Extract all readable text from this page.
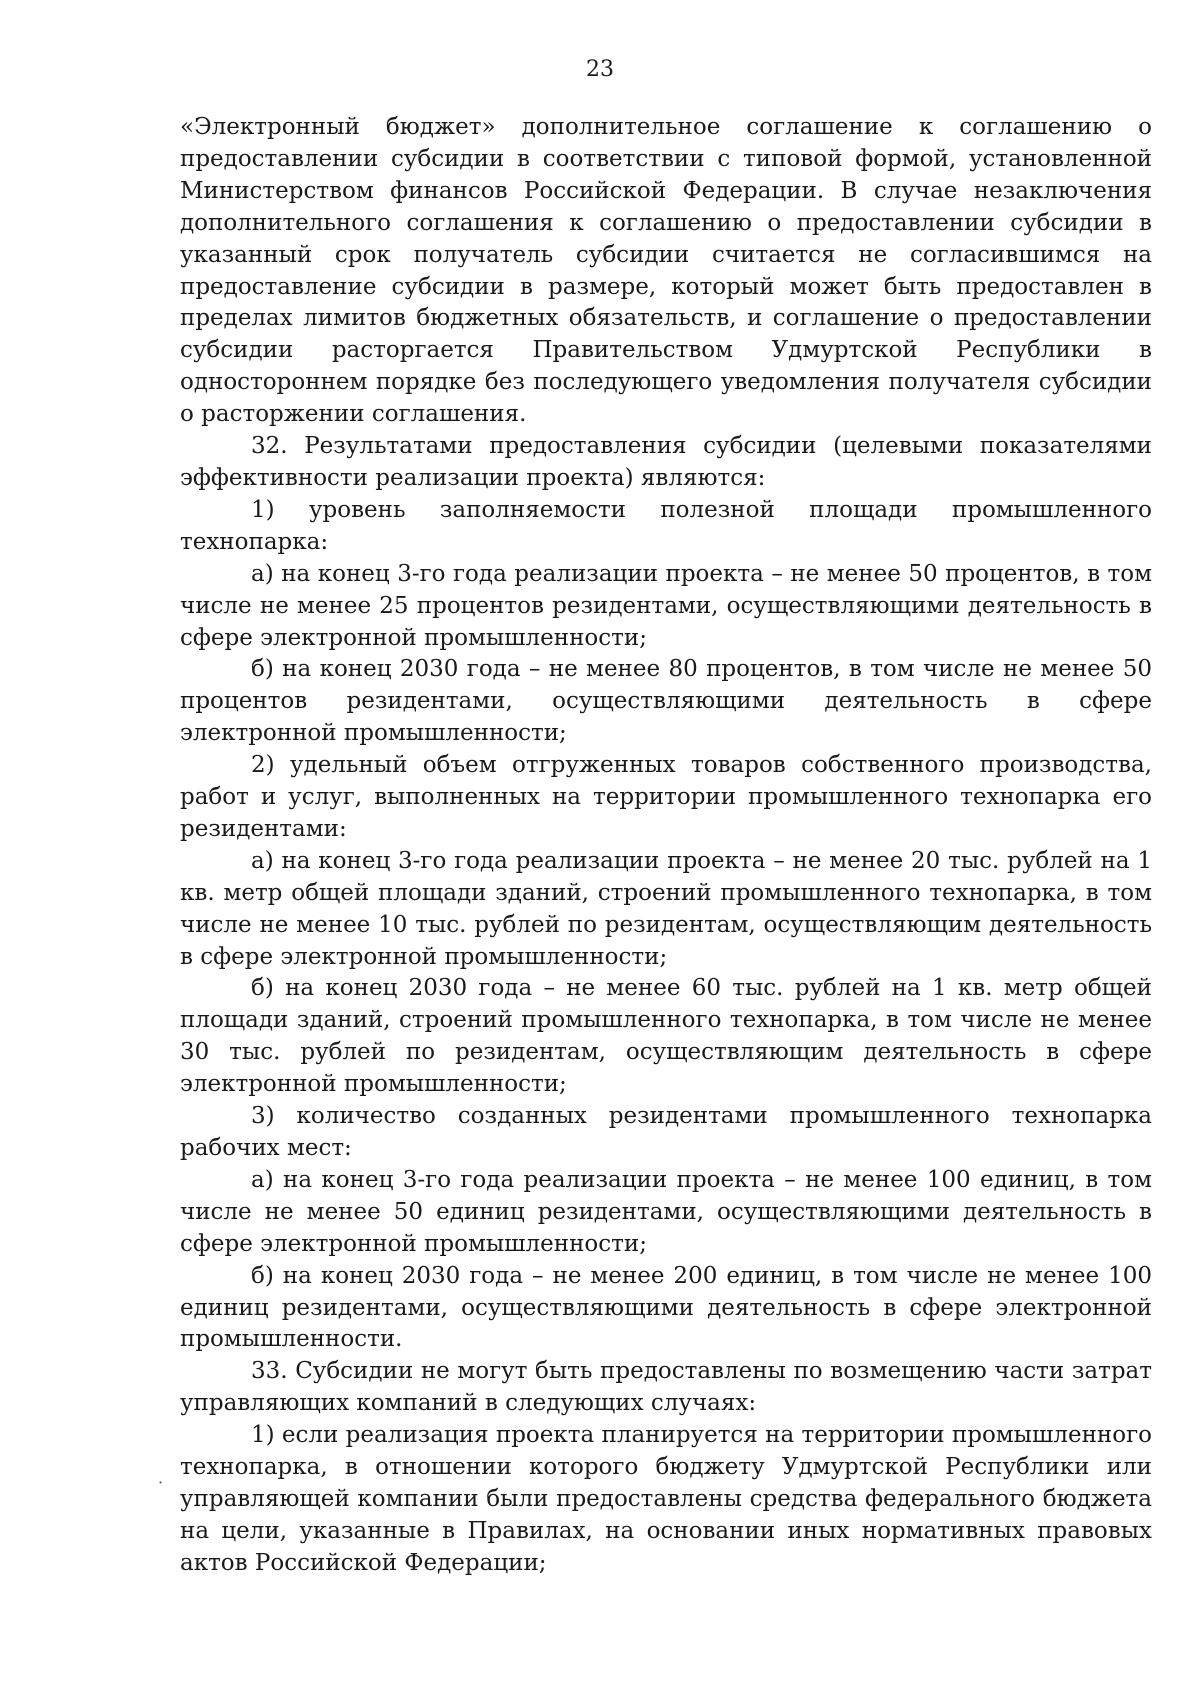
23

«Электронный бюджет» дополнительное соглашение к соглашению о предоставлении субсидии в соответствии с типовой формой, установленной Министерством финансов Российской Федерации. В случае незаключения дополнительного соглашения к соглашению о предоставлении субсидии в указанный срок получатель субсидии считается не согласившимся на предоставление субсидии в размере, который может быть предоставлен в пределах лимитов бюджетных обязательств, и соглашение о предоставлении субсидии расторгается Правительством Удмуртской Республики в одностороннем порядке без последующего уведомления получателя субсидии о расторжении соглашения.

32. Результатами предоставления субсидии (целевыми показателями эффективности реализации проекта) являются:

1) уровень заполняемости полезной площади промышленного технопарка:

а) на конец 3-го года реализации проекта – не менее 50 процентов, в том числе не менее 25 процентов резидентами, осуществляющими деятельность в сфере электронной промышленности;

б) на конец 2030 года – не менее 80 процентов, в том числе не менее 50 процентов резидентами, осуществляющими деятельность в сфере электронной промышленности;

2) удельный объем отгруженных товаров собственного производства, работ и услуг, выполненных на территории промышленного технопарка его резидентами:

а) на конец 3-го года реализации проекта – не менее 20 тыс. рублей на 1 кв. метр общей площади зданий, строений промышленного технопарка, в том числе не менее 10 тыс. рублей по резидентам, осуществляющим деятельность в сфере электронной промышленности;

б) на конец 2030 года – не менее 60 тыс. рублей на 1 кв. метр общей площади зданий, строений промышленного технопарка, в том числе не менее 30 тыс. рублей по резидентам, осуществляющим деятельность в сфере электронной промышленности;

3) количество созданных резидентами промышленного технопарка рабочих мест:

а) на конец 3-го года реализации проекта – не менее 100 единиц, в том числе не менее 50 единиц резидентами, осуществляющими деятельность в сфере электронной промышленности;

б) на конец 2030 года – не менее 200 единиц, в том числе не менее 100 единиц резидентами, осуществляющими деятельность в сфере электронной промышленности.

33. Субсидии не могут быть предоставлены по возмещению части затрат управляющих компаний в следующих случаях:

1) если реализация проекта планируется на территории промышленного технопарка, в отношении которого бюджету Удмуртской Республики или управляющей компании были предоставлены средства федерального бюджета на цели, указанные в Правилах, на основании иных нормативных правовых актов Российской Федерации;

·
